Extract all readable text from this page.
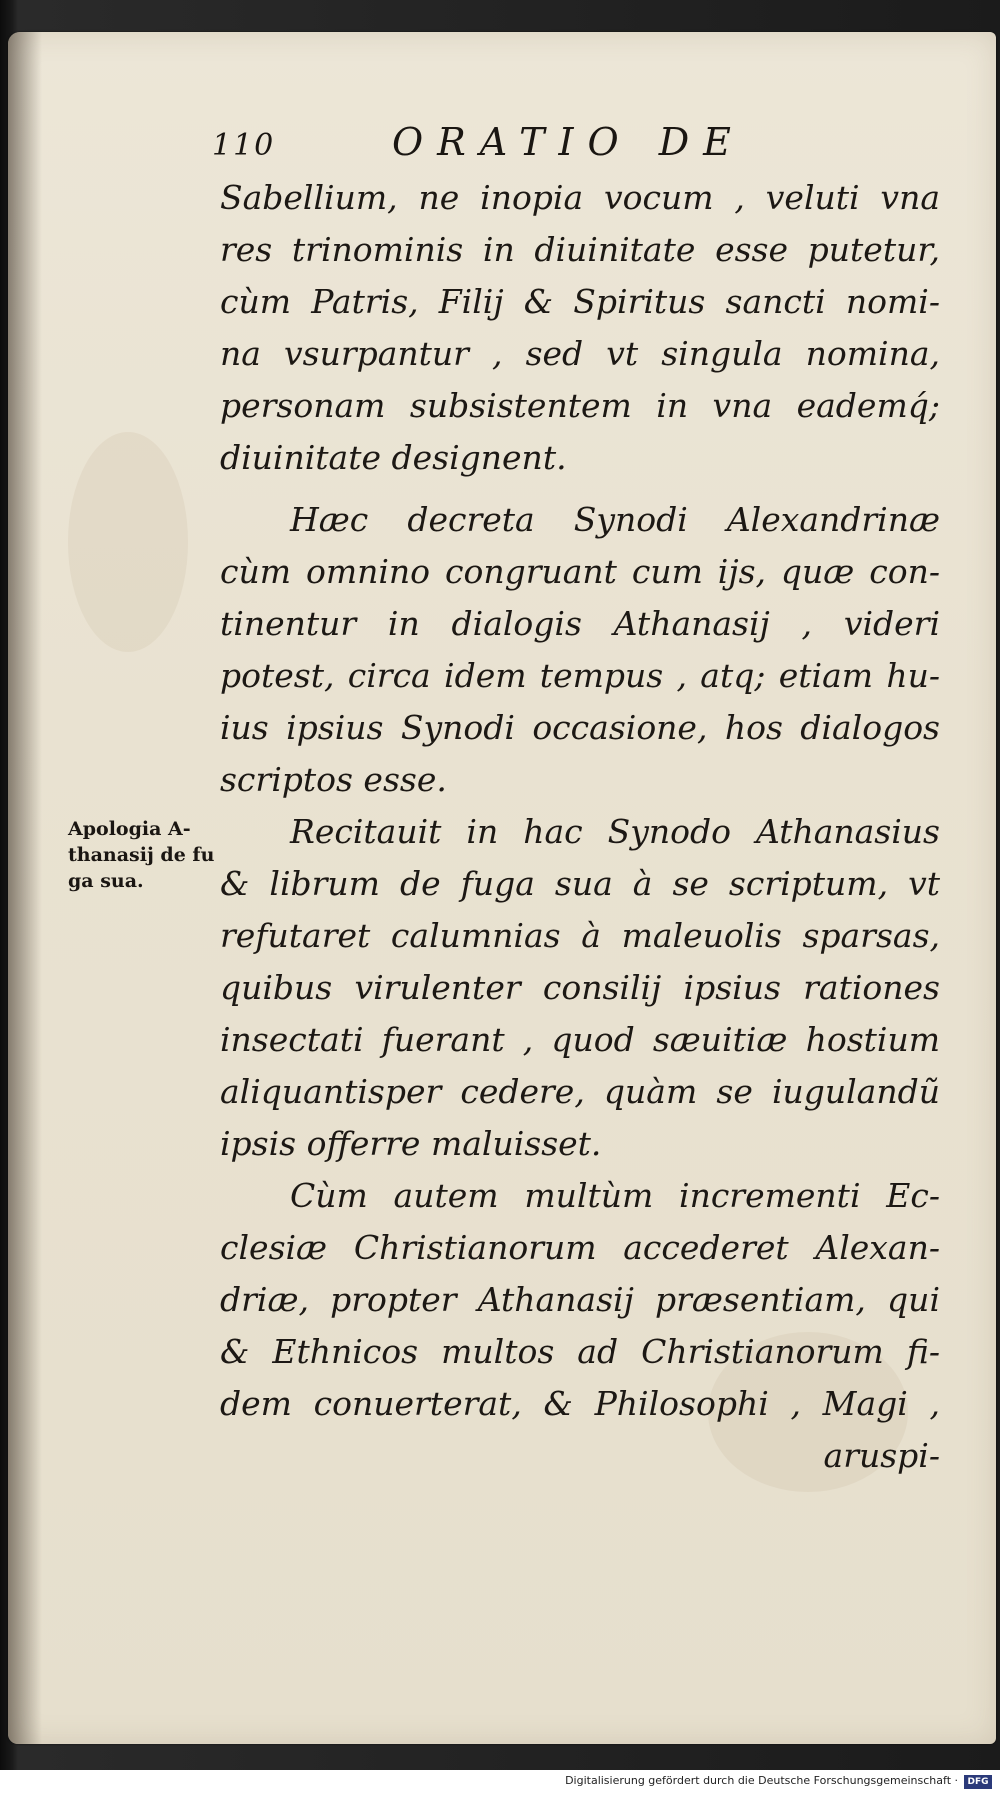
110	ORATIO DE
Sabellium, ne inopia vocum , veluti vna
res trinominis in diuinitate esse putetur,
cùm Patris, Filij & Spiritus sancti nomi-
na vsurpantur , sed vt singula nomina,
personam subsistentem in vna eademq́;
diuinitate designent.
Hæc decreta Synodi Alexandrinæ
cùm omnino congruant cum ijs, quæ con-
tinentur in dialogis Athanasij , videri
potest, circa idem tempus , atq; etiam hu-
ius ipsius Synodi occasione, hos dialogos
scriptos esse.
Recitauit in hac Synodo Athanasius
& librum de fuga sua à se scriptum, vt
refutaret calumnias à maleuolis sparsas,
quibus virulenter consilij ipsius rationes
insectati fuerant , quod sæuitiæ hostium
aliquantisper cedere, quàm se iugulandũ
ipsis offerre maluisset.
Cùm autem multùm incrementi Ec-
clesiæ Christianorum accederet Alexan-
driæ, propter Athanasij præsentiam, qui
& Ethnicos multos ad Christianorum fi-
dem conuerterat, & Philosophi , Magi ,
aruspi-
Apologia A-
thanasij de fu
ga sua.
Digitalisierung gefördert durch die Deutsche Forschungsgemeinschaft ·	DFG
